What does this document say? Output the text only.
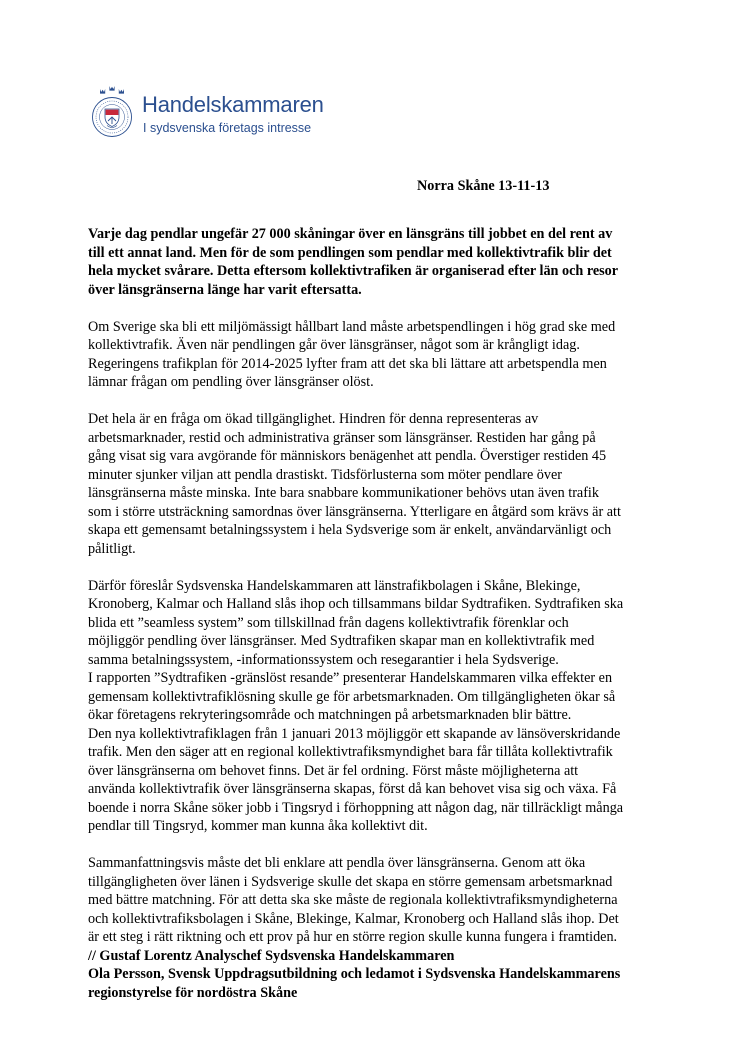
Handelskammaren
I sydsvenska företags intresse
Norra Skåne 13-11-13

Varje dag pendlar ungefär 27 000 skåningar över en länsgräns till jobbet en del rent av
till ett annat land. Men för de som pendlingen som pendlar med kollektivtrafik blir det
hela mycket svårare. Detta eftersom kollektivtrafiken är organiserad efter län och resor
över länsgränserna länge har varit eftersatta.

Om Sverige ska bli ett miljömässigt hållbart land måste arbetspendlingen i hög grad ske med
kollektivtrafik. Även när pendlingen går över länsgränser, något som är krångligt idag.
Regeringens trafikplan för 2014-2025 lyfter fram att det ska bli lättare att arbetspendla men
lämnar frågan om pendling över länsgränser olöst.

Det hela är en fråga om ökad tillgänglighet. Hindren för denna representeras av
arbetsmarknader, restid och administrativa gränser som länsgränser. Restiden har gång på
gång visat sig vara avgörande för människors benägenhet att pendla. Överstiger restiden 45
minuter sjunker viljan att pendla drastiskt. Tidsförlusterna som möter pendlare över
länsgränserna måste minska. Inte bara snabbare kommunikationer behövs utan även trafik
som i större utsträckning samordnas över länsgränserna. Ytterligare en åtgärd som krävs är att
skapa ett gemensamt betalningssystem i hela Sydsverige som är enkelt, användarvänligt och
pålitligt.

Därför föreslår Sydsvenska Handelskammaren att länstrafikbolagen i Skåne, Blekinge,
Kronoberg, Kalmar och Halland slås ihop och tillsammans bildar Sydtrafiken. Sydtrafiken ska
blida ett ”seamless system” som tillskillnad från dagens kollektivtrafik förenklar och
möjliggör pendling över länsgränser. Med Sydtrafiken skapar man en kollektivtrafik med
samma betalningssystem, -informationssystem och resegarantier i hela Sydsverige.
I rapporten ”Sydtrafiken -gränslöst resande” presenterar Handelskammaren vilka effekter en
gemensam kollektivtrafiklösning skulle ge för arbetsmarknaden. Om tillgängligheten ökar så
ökar företagens rekryteringsområde och matchningen på arbetsmarknaden blir bättre.
Den nya kollektivtrafiklagen från 1 januari 2013 möjliggör ett skapande av länsöverskridande
trafik. Men den säger att en regional kollektivtrafiksmyndighet bara får tillåta kollektivtrafik
över länsgränserna om behovet finns. Det är fel ordning. Först måste möjligheterna att
använda kollektivtrafik över länsgränserna skapas, först då kan behovet visa sig och växa. Få
boende i norra Skåne söker jobb i Tingsryd i förhoppning att någon dag, när tillräckligt många
pendlar till Tingsryd, kommer man kunna åka kollektivt dit.

Sammanfattningsvis måste det bli enklare att pendla över länsgränserna. Genom att öka
tillgängligheten över länen i Sydsverige skulle det skapa en större gemensam arbetsmarknad
med bättre matchning. För att detta ska ske måste de regionala kollektivtrafiksmyndigheterna
och kollektivtrafiksbolagen i Skåne, Blekinge, Kalmar, Kronoberg och Halland slås ihop. Det
är ett steg i rätt riktning och ett prov på hur en större region skulle kunna fungera i framtiden.

// Gustaf Lorentz Analyschef Sydsvenska Handelskammaren
Ola Persson, Svensk Uppdragsutbildning och ledamot i Sydsvenska Handelskammarens
regionstyrelse för nordöstra Skåne
